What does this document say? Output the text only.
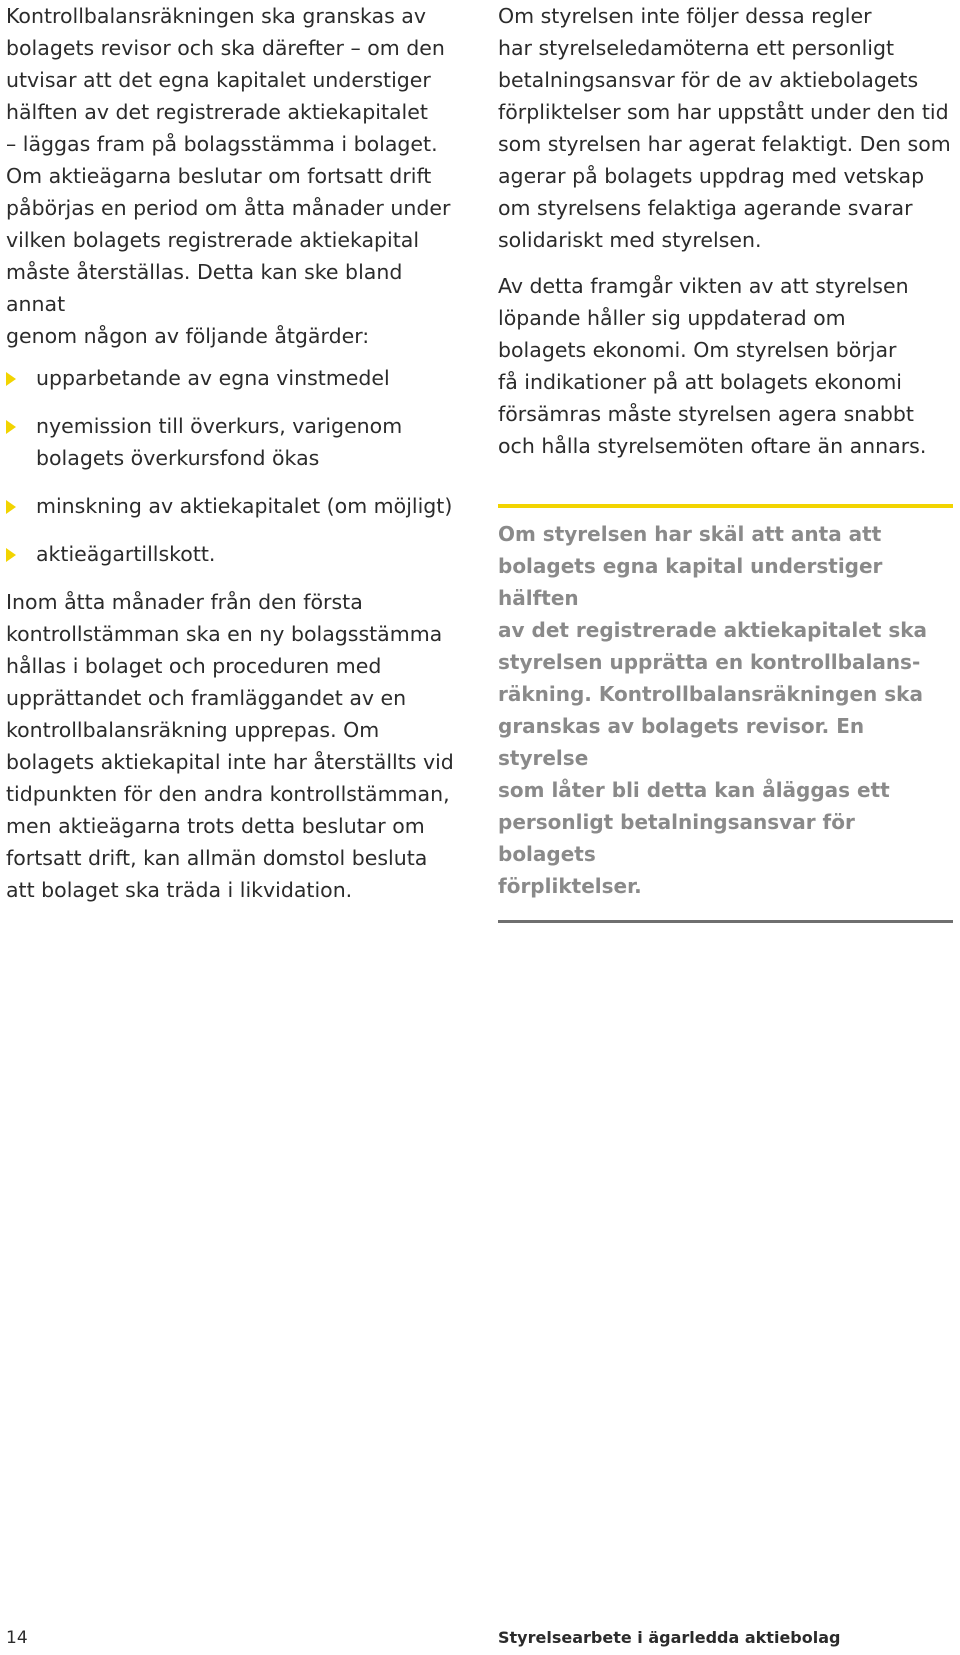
Kontrollbalansräkningen ska granskas av
bolagets revisor och ska därefter – om den
utvisar att det egna kapitalet understiger
hälften av det registrerade aktiekapitalet
– läggas fram på bolagsstämma i bolaget.
Om aktieägarna beslutar om fortsatt drift
påbörjas en period om åtta månader under
vilken bolagets registrerade aktiekapital
måste återställas. Detta kan ske bland annat
genom någon av följande åtgärder:

upparbetande av egna vinstmedel
nyemission till överkurs, varigenom
bolagets överkursfond ökas
minskning av aktiekapitalet (om möjligt)
aktieägartillskott.

Inom åtta månader från den första
kontrollstämman ska en ny bolagsstämma
hållas i bolaget och proceduren med
upprättandet och framläggandet av en
kontrollbalansräkning upprepas. Om
bolagets aktiekapital inte har återställts vid
tidpunkten för den andra kontrollstämman,
men aktieägarna trots detta beslutar om
fortsatt drift, kan allmän domstol besluta
att bolaget ska träda i likvidation.

Om styrelsen inte följer dessa regler
har styrelseledamöterna ett personligt
betalningsansvar för de av aktiebolagets
förpliktelser som har uppstått under den tid
som styrelsen har agerat felaktigt. Den som
agerar på bolagets uppdrag med vetskap
om styrelsens felaktiga agerande svarar
solidariskt med styrelsen.

Av detta framgår vikten av att styrelsen
löpande håller sig uppdaterad om
bolagets ekonomi. Om styrelsen börjar
få indikationer på att bolagets ekonomi
försämras måste styrelsen agera snabbt
och hålla styrelsemöten oftare än annars.

Om styrelsen har skäl att anta att
bolagets egna kapital understiger hälften
av det registrerade aktiekapitalet ska
styrelsen upprätta en kontrollbalans-
räkning. Kontrollbalansräkningen ska
granskas av bolagets revisor. En styrelse
som låter bli detta kan åläggas ett
personligt betalningsansvar för bolagets
förpliktelser.
14	Styrelsearbete i ägarledda aktiebolag
